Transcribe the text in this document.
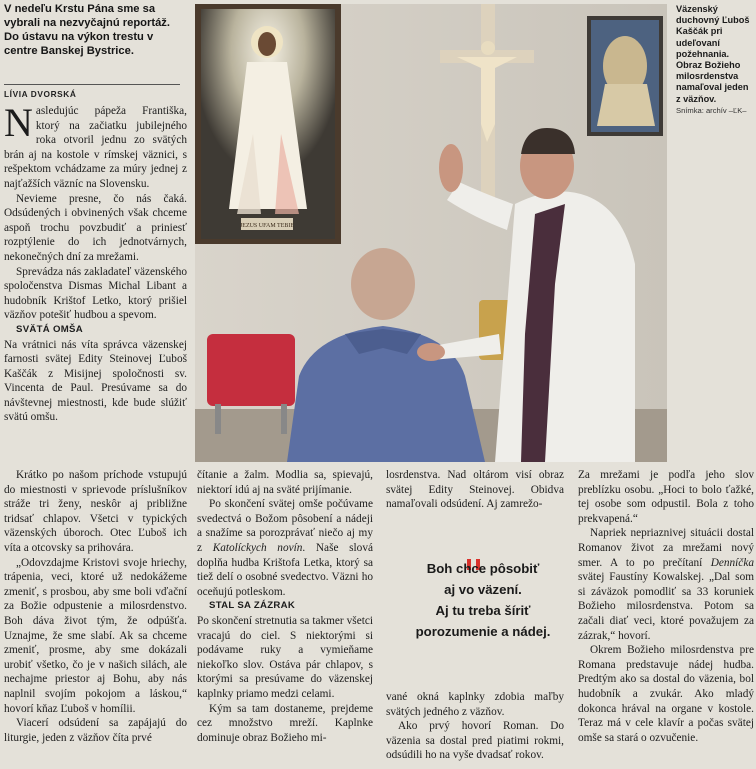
V nedeľu Krstu Pána sme sa vybrali na nezvyčajnú reportáž. Do ústavu na výkon trestu v centre Banskej Bystrice.
LÍVIA DVORSKÁ

Nasledujúc pápeža Františka, ktorý na začiatku jubilejného roka otvoril jednu zo svätých brán aj na kostole v rímskej väznici, s rešpektom vchádzame za múry jednej z najťažších väzníc na Slovensku.

Nevieme presne, čo nás čaká. Odsúdených i obvinených však chceme aspoň trochu povzbudiť a priniesť rozptýlenie do ich jednotvárnych, nekonečných dní za mrežami.

Sprevádza nás zakladateľ väzenského spoločenstva Dismas Michal Libant a hudobník Krištof Letko, ktorý prišiel väzňov potešiť hudbou a spevom.

SVÄTÁ OMŠA

Na vrátnici nás víta správca väzenskej farnosti svätej Edity Steinovej Ľuboš Kaščák z Misijnej spoločnosti sv. Vincenta de Paul. Presúvame sa do návštevnej miestnosti, kde bude slúžiť svätú omšu.

Krátko po našom príchode vstupujú do miestnosti v sprievode príslušníkov stráže tri ženy, neskôr aj približne tridsať chlapov. Všetci v typických väzenských úboroch. Otec Ľuboš ich víta a otcovsky sa prihovára.

„Odovzdajme Kristovi svoje hriechy, trápenia, veci, ktoré už nedokážeme zmeniť, s prosbou, aby sme boli vďační za Božie odpustenie a milosrdenstvo. Boh dáva život tým, že odpúšťa. Uznajme, že sme slabí. Ak sa chceme zmeniť, prosme, aby sme dokázali urobiť všetko, čo je v našich silách, ale nechajme priestor aj Bohu, aby nás naplnil svojím pokojom a láskou,“ hovorí kňaz Ľuboš v homílii.

Viacerí odsúdení sa zapájajú do liturgie, jeden z väzňov číta prvé

čítanie a žalm. Modlia sa, spievajú, niektorí idú aj na sväté prijímanie.

Po skončení svätej omše počúvame svedectvá o Božom pôsobení a nádeji a snažíme sa porozprávať niečo aj my z Katolíckych novín. Naše slová doplňa hudba Krištofa Letka, ktorý sa tiež delí o osobné svedectvo. Väzni ho oceňujú potleskom.

STAL SA ZÁZRAK

Po skončení stretnutia sa takmer všetci vracajú do ciel. S niektorými si podávame ruky a vymieňame niekoľko slov. Ostáva pár chlapov, s ktorými sa presúvame do väzenskej kaplnky priamo medzi celami.

Kým sa tam dostaneme, prejdeme cez množstvo mreží. Kaplnke dominuje obraz Božieho mi-

losrdenstva. Nad oltárom visí obraz svätej Edity Steinovej. Obidva namaľovali odsúdení. Aj zamrežo-

Boh chce pôsobiť
aj vo väzení.
Aj tu treba šíriť
porozumenie a nádej.

vané okná kaplnky zdobia maľby svätých jedného z väzňov.

Ako prvý hovorí Roman. Do väzenia sa dostal pred piatimi rokmi, odsúdili ho na vyše dvadsať rokov.

Za mrežami je podľa jeho slov preblízku osobu. „Hoci to bolo ťažké, tej osobe som odpustil. Bola z toho prekvapená.“

Napriek nepriaznivej situácii dostal Romanov život za mrežami nový smer. A to po prečítaní Denníčka svätej Faustíny Kowalskej. „Dal som si záväzok pomodliť sa 33 koruniek Božieho milosrdenstva. Potom sa začali diať veci, ktoré považujem za zázrak,“ hovorí.

Okrem Božieho milosrdenstva pre Romana predstavuje nádej hudba. Predtým ako sa dostal do väzenia, bol hudobník a zvukár. Ako mladý dokonca hrával na organe v kostole. Teraz má v cele klavír a počas svätej omše sa stará o ozvučenie.

Väzenský duchovný Ľuboš Kaščák pri udeľovaní požehnania. Obraz Božieho milosrdenstva namaľoval jeden z väzňov.
Snímka: archív –ĽK–
JEZUS UFAM TEBIE
